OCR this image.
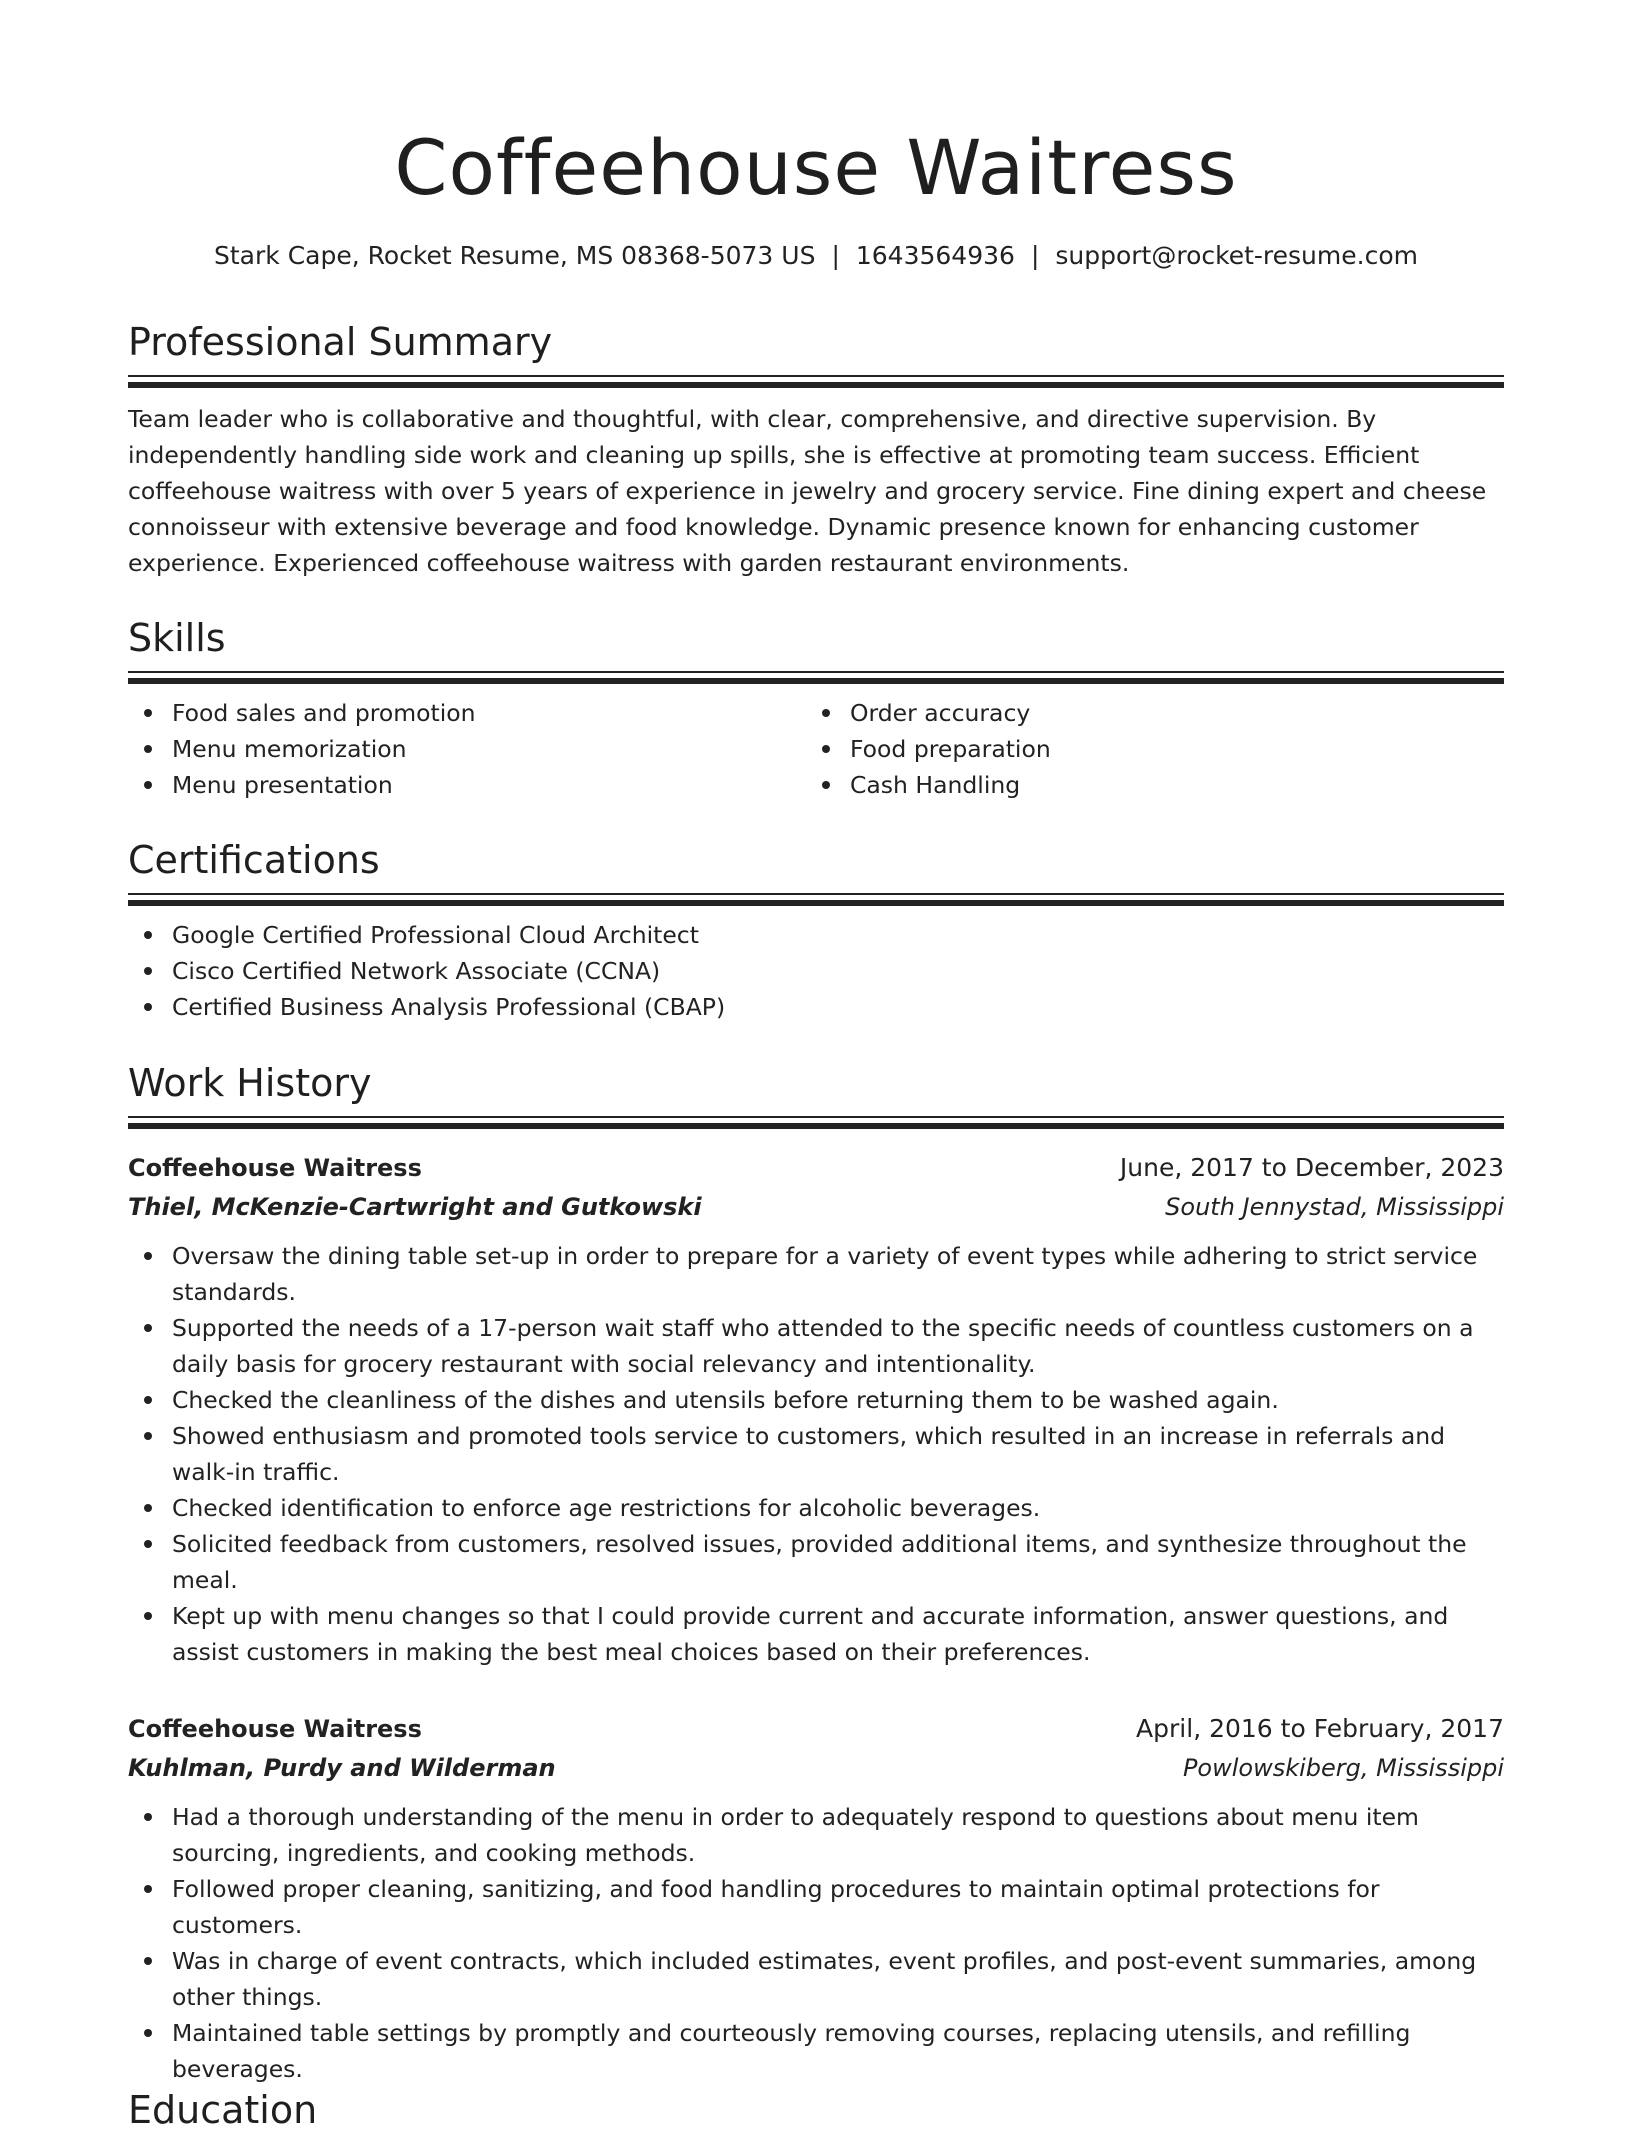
Coffeehouse Waitress
Stark Cape, Rocket Resume, MS 08368-5073 US | 1643564936 | support@rocket-resume.com
Professional Summary

Team leader who is collaborative and thoughtful, with clear, comprehensive, and directive supervision. By independently handling side work and cleaning up spills, she is effective at promoting team success. Efficient coffeehouse waitress with over 5 years of experience in jewelry and grocery service. Fine dining expert and cheese connoisseur with extensive beverage and food knowledge. Dynamic presence known for enhancing customer experience. Experienced coffeehouse waitress with garden restaurant environments.

Skills
Food sales and promotion
Menu memorization
Menu presentation
Order accuracy
Food preparation
Cash Handling
Certifications
Google Certified Professional Cloud Architect
Cisco Certified Network Associate (CCNA)
Certified Business Analysis Professional (CBAP)
Work History
Coffeehouse Waitress	June, 2017 to December, 2023
Thiel, McKenzie-Cartwright and Gutkowski	South Jennystad, Mississippi
Oversaw the dining table set-up in order to prepare for a variety of event types while adhering to strict service standards.
Supported the needs of a 17-person wait staff who attended to the specific needs of countless customers on a daily basis for grocery restaurant with social relevancy and intentionality.
Checked the cleanliness of the dishes and utensils before returning them to be washed again.
Showed enthusiasm and promoted tools service to customers, which resulted in an increase in referrals and walk-in traffic.
Checked identification to enforce age restrictions for alcoholic beverages.
Solicited feedback from customers, resolved issues, provided additional items, and synthesize throughout the meal.
Kept up with menu changes so that I could provide current and accurate information, answer questions, and assist customers in making the best meal choices based on their preferences.
Coffeehouse Waitress	April, 2016 to February, 2017
Kuhlman, Purdy and Wilderman	Powlowskiberg, Mississippi
Had a thorough understanding of the menu in order to adequately respond to questions about menu item sourcing, ingredients, and cooking methods.
Followed proper cleaning, sanitizing, and food handling procedures to maintain optimal protections for customers.
Was in charge of event contracts, which included estimates, event profiles, and post-event summaries, among other things.
Maintained table settings by promptly and courteously removing courses, replacing utensils, and refilling beverages.
Education
